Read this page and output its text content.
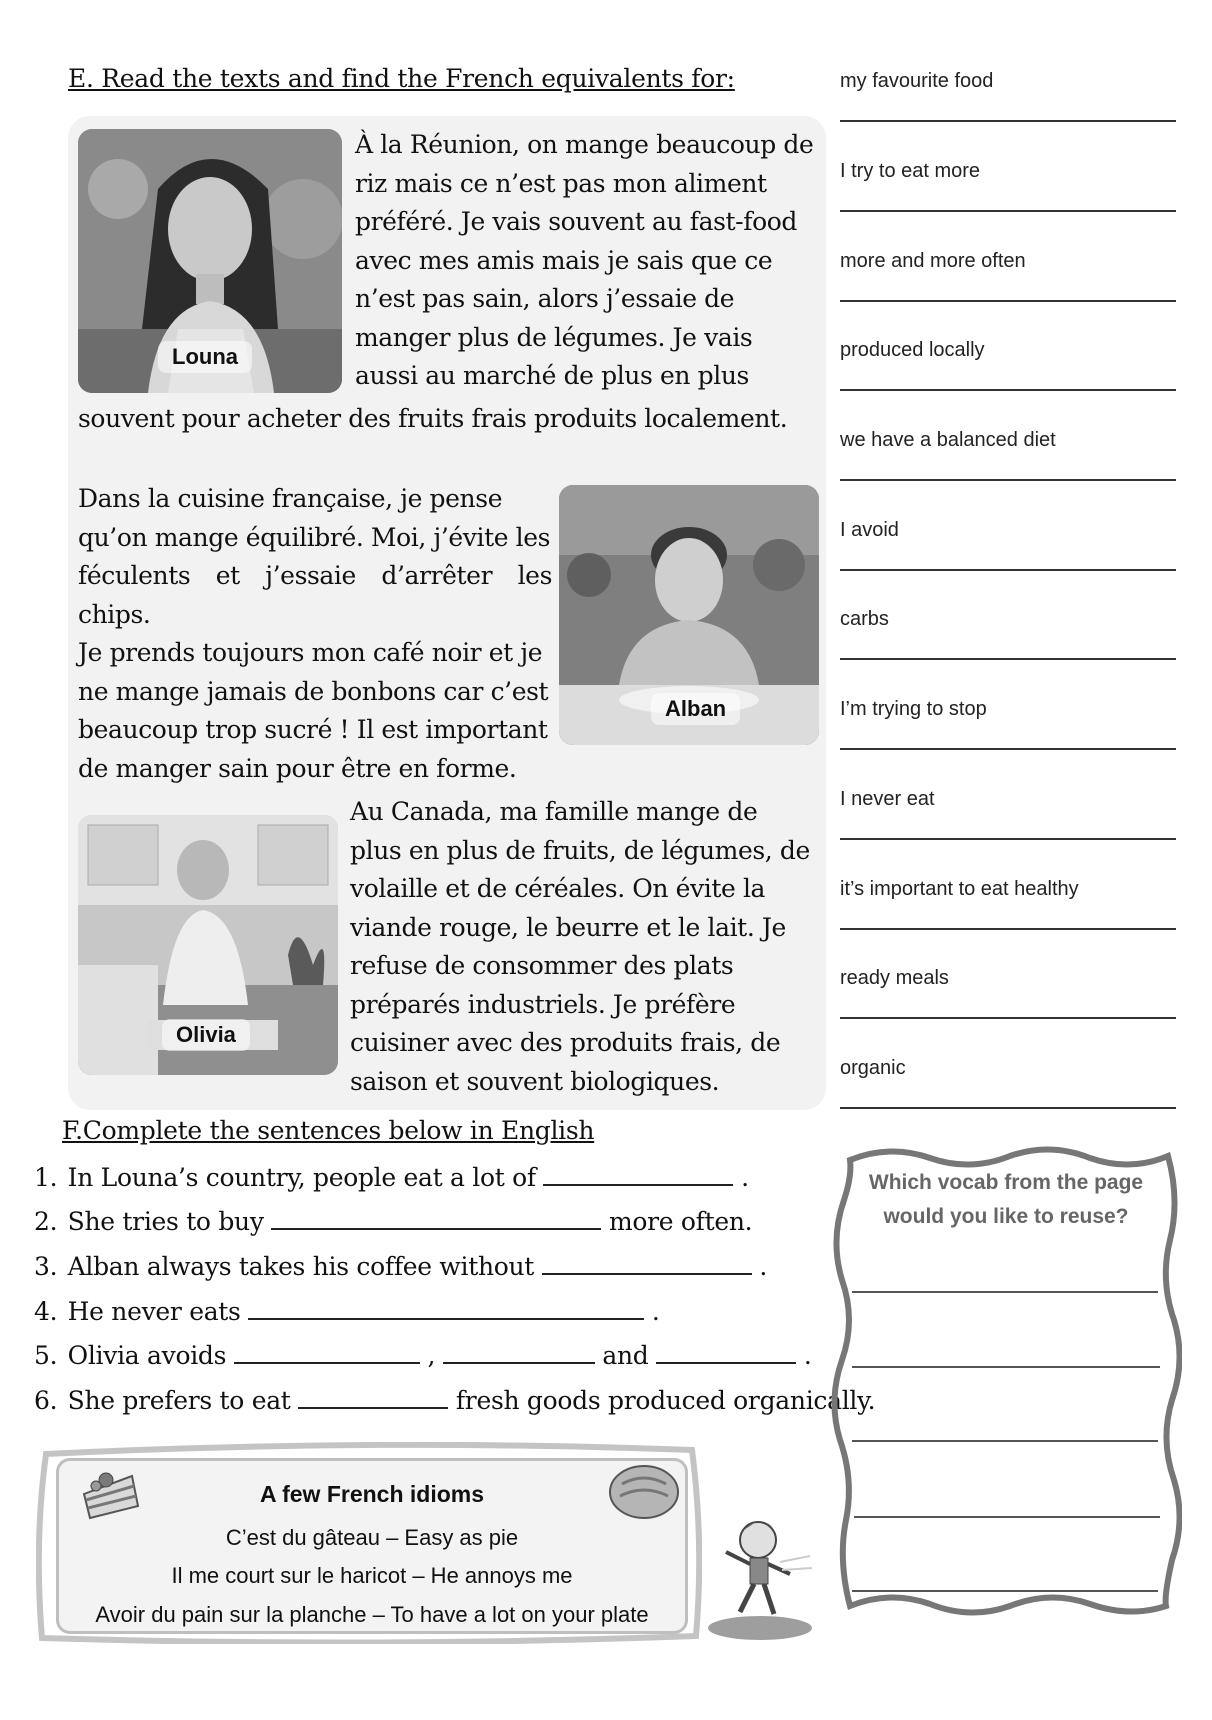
E. Read the texts and find the French equivalents for:
Louna
À la Réunion, on mange beaucoup de
riz mais ce n’est pas mon aliment
préféré. Je vais souvent au fast-food
avec mes amis mais je sais que ce
n’est pas sain, alors j’essaie de
manger plus de légumes. Je vais
aussi au marché de plus en plus
souvent pour acheter des fruits frais produits localement.
Dans la cuisine française, je pense
qu’on mange équilibré. Moi, j’évite les
féculents et j’essaie d’arrêter les chips.
Je prends toujours mon café noir et je
ne mange jamais de bonbons car c’est
beaucoup trop sucré ! Il est important
de manger sain pour être en forme.
Alban
Olivia
Au Canada, ma famille mange de
plus en plus de fruits, de légumes, de
volaille et de céréales. On évite la
viande rouge, le beurre et le lait. Je
refuse de consommer des plats
préparés industriels. Je préfère
cuisiner avec des produits frais, de
saison et souvent biologiques.
my favourite food
I try to eat more
more and more often
produced locally
we have a balanced diet
I avoid
carbs
I’m trying to stop
I never eat
it’s important to eat healthy
ready meals
organic
F.Complete the sentences below in English
1. In Louna’s country, people eat a lot of	.
2. She tries to buy	more often.
3. Alban always takes his coffee without	.
4. He never eats	.
5. Olivia avoids	,	and	.
6. She prefers to eat	fresh goods produced organically.
A few French idioms
C’est du gâteau – Easy as pie
Il me court sur le haricot – He annoys me
Avoir du pain sur la planche – To have a lot on your plate
Which vocab from the page
would you like to reuse?
